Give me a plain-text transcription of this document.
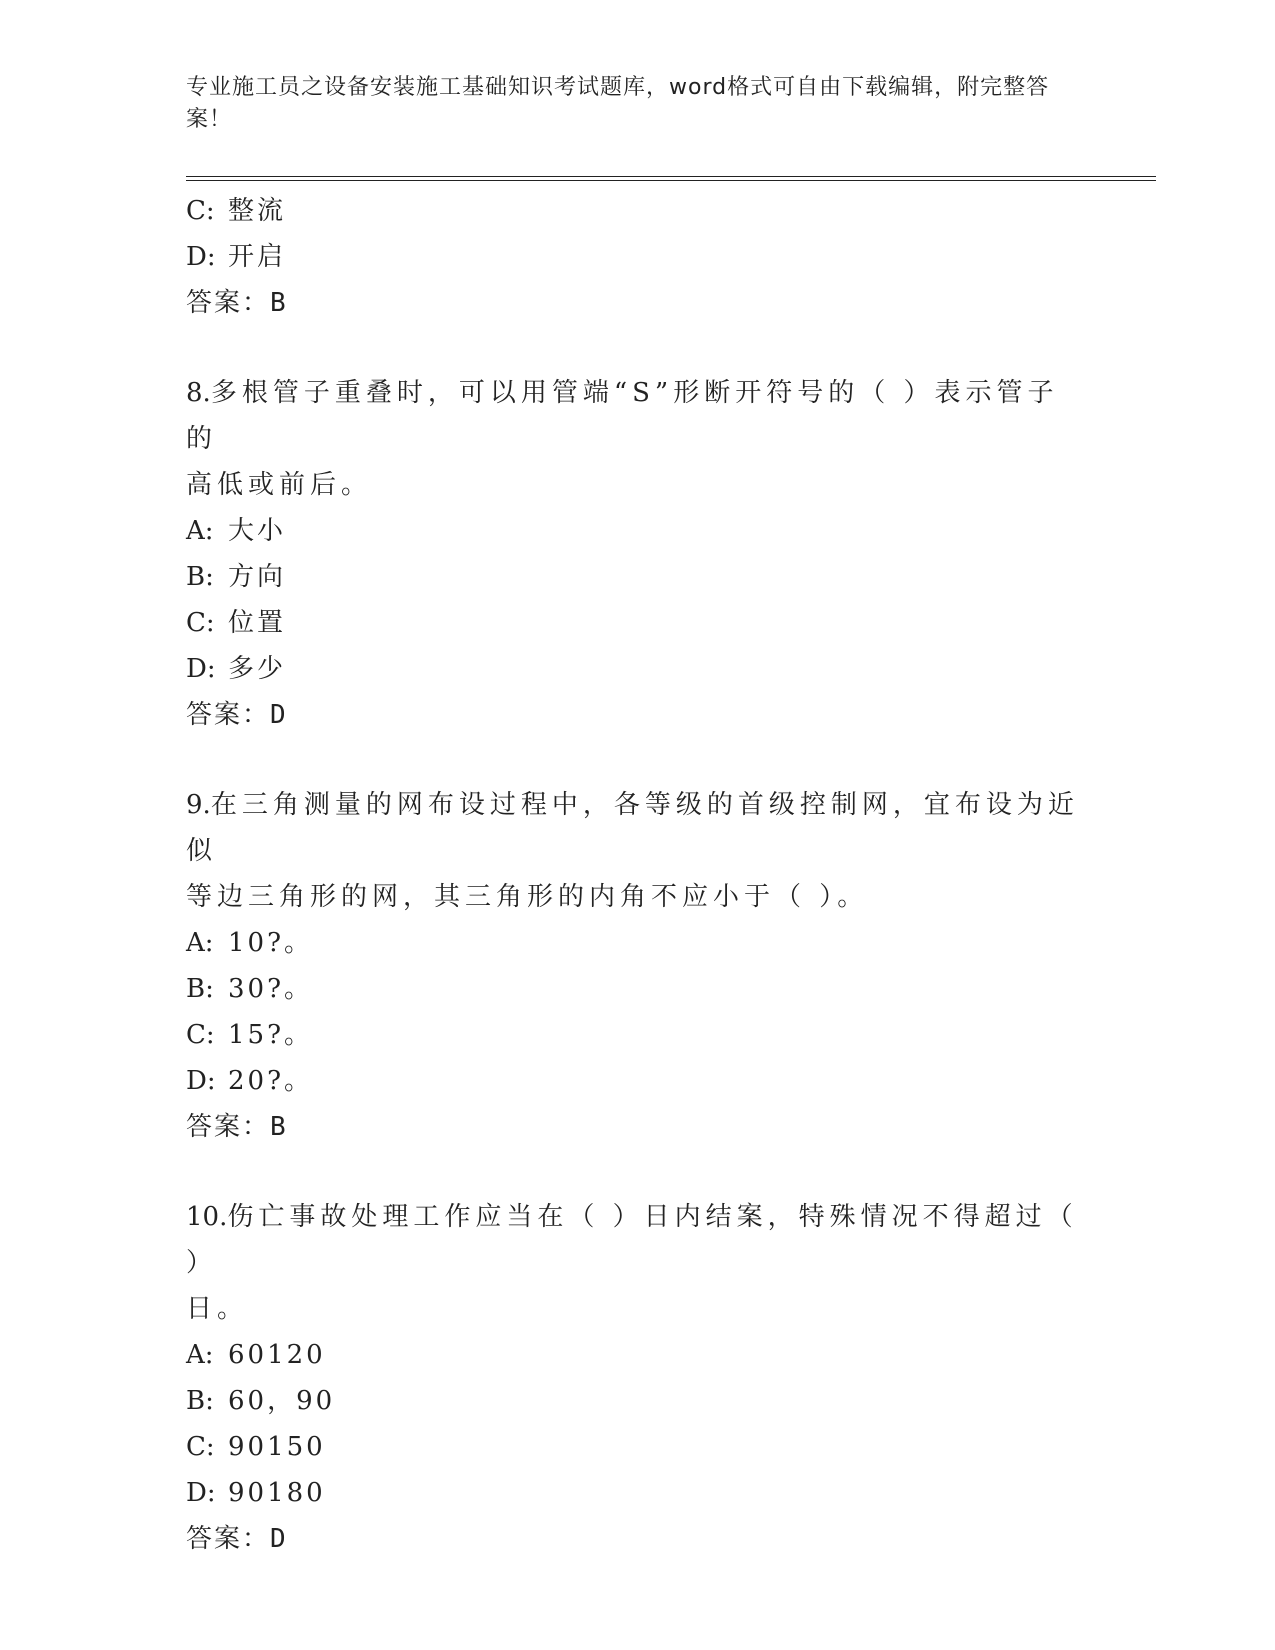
专业施工员之设备安装施工基础知识考试题库，word格式可自由下载编辑，附完整答案！
C: 整流
D: 开启
答案：B
8.多根管子重叠时，可以用管端“S”形断开符号的（ ）表示管子的
高低或前后。
A: 大小
B: 方向
C: 位置
D: 多少
答案：D
9.在三角测量的网布设过程中，各等级的首级控制网，宜布设为近似
等边三角形的网，其三角形的内角不应小于（ ）。
A: 10?。
B: 30?。
C: 15?。
D: 20?。
答案：B
10.伤亡事故处理工作应当在（ ）日内结案，特殊情况不得超过（ ）
日。
A: 60120
B: 60，90
C: 90150
D: 90180
答案：D
